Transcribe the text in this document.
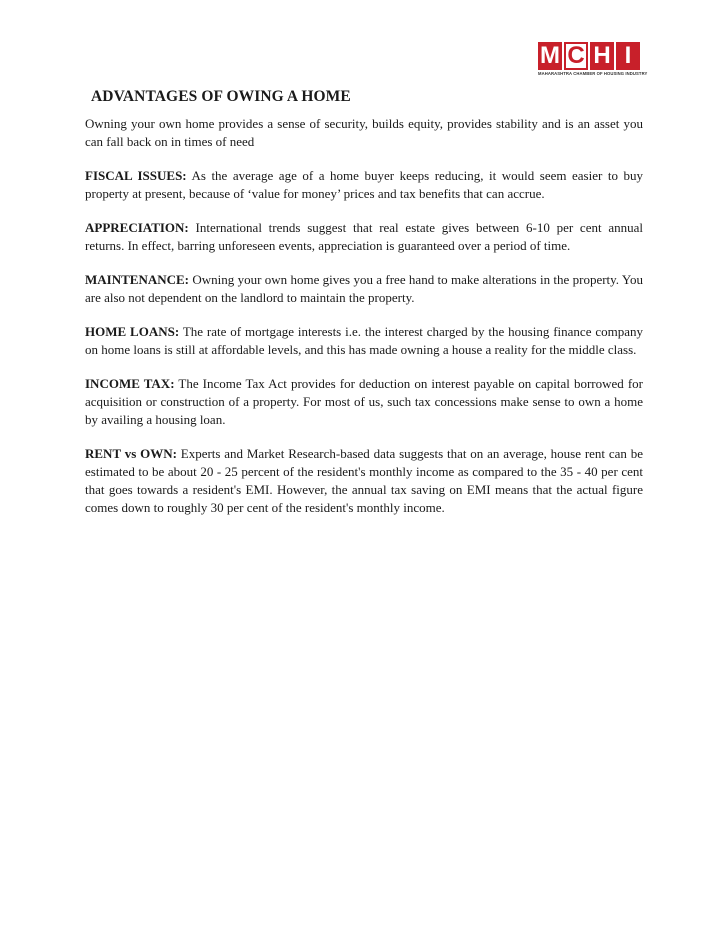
M C H I
MAHARASHTRA CHAMBER OF HOUSING INDUSTRY
ADVANTAGES OF OWING A HOME

Owning your own home provides a sense of security, builds equity, provides stability and is an asset you can fall back on in times of need

FISCAL ISSUES: As the average age of a home buyer keeps reducing, it would seem easier to buy property at present, because of ‘value for money’ prices and tax benefits that can accrue.

APPRECIATION: International trends suggest that real estate gives between 6-10 per cent annual returns. In effect, barring unforeseen events, appreciation is guaranteed over a period of time.

MAINTENANCE: Owning your own home gives you a free hand to make alterations in the property. You are also not dependent on the landlord to maintain the property.

HOME LOANS: The rate of mortgage interests i.e. the interest charged by the housing finance company on home loans is still at affordable levels, and this has made owning a house a reality for the middle class.

INCOME TAX: The Income Tax Act provides for deduction on interest payable on capital borrowed for acquisition or construction of a property. For most of us, such tax concessions make sense to own a home by availing a housing loan.

RENT vs OWN: Experts and Market Research-based data suggests that on an average, house rent can be estimated to be about 20 - 25 percent of the resident's monthly income as compared to the 35 - 40 per cent that goes towards a resident's EMI. However, the annual tax saving on EMI means that the actual figure comes down to roughly 30 per cent of the resident's monthly income.
